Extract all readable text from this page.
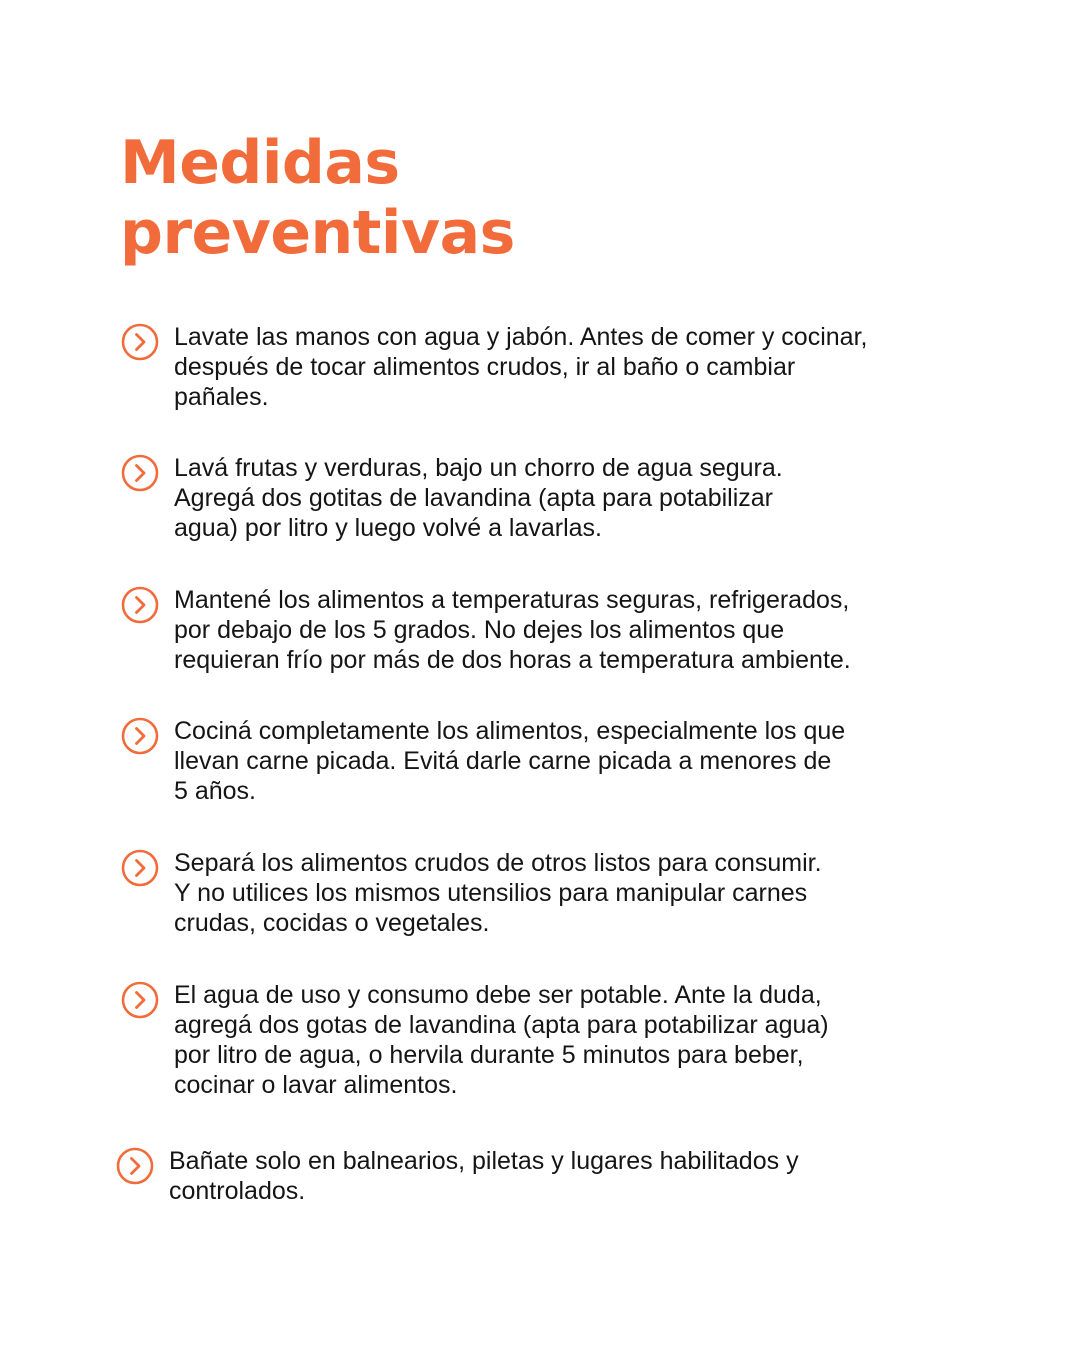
Medidas
preventivas
Lavate las manos con agua y jabón. Antes de comer y cocinar,
después de tocar alimentos crudos, ir al baño o cambiar
pañales.
Lavá frutas y verduras, bajo un chorro de agua segura.
Agregá dos gotitas de lavandina (apta para potabilizar
agua) por litro y luego volvé a lavarlas.
Mantené los alimentos a temperaturas seguras, refrigerados,
por debajo de los 5 grados. No dejes los alimentos que
requieran frío por más de dos horas a temperatura ambiente.
Cociná completamente los alimentos, especialmente los que
llevan carne picada. Evitá darle carne picada a menores de
5 años.
Separá los alimentos crudos de otros listos para consumir.
Y no utilices los mismos utensilios para manipular carnes
crudas, cocidas o vegetales.
El agua de uso y consumo debe ser potable. Ante la duda,
agregá dos gotas de lavandina (apta para potabilizar agua)
por litro de agua, o hervila durante 5 minutos para beber,
cocinar o lavar alimentos.
Bañate solo en balnearios, piletas y lugares habilitados y
controlados.
